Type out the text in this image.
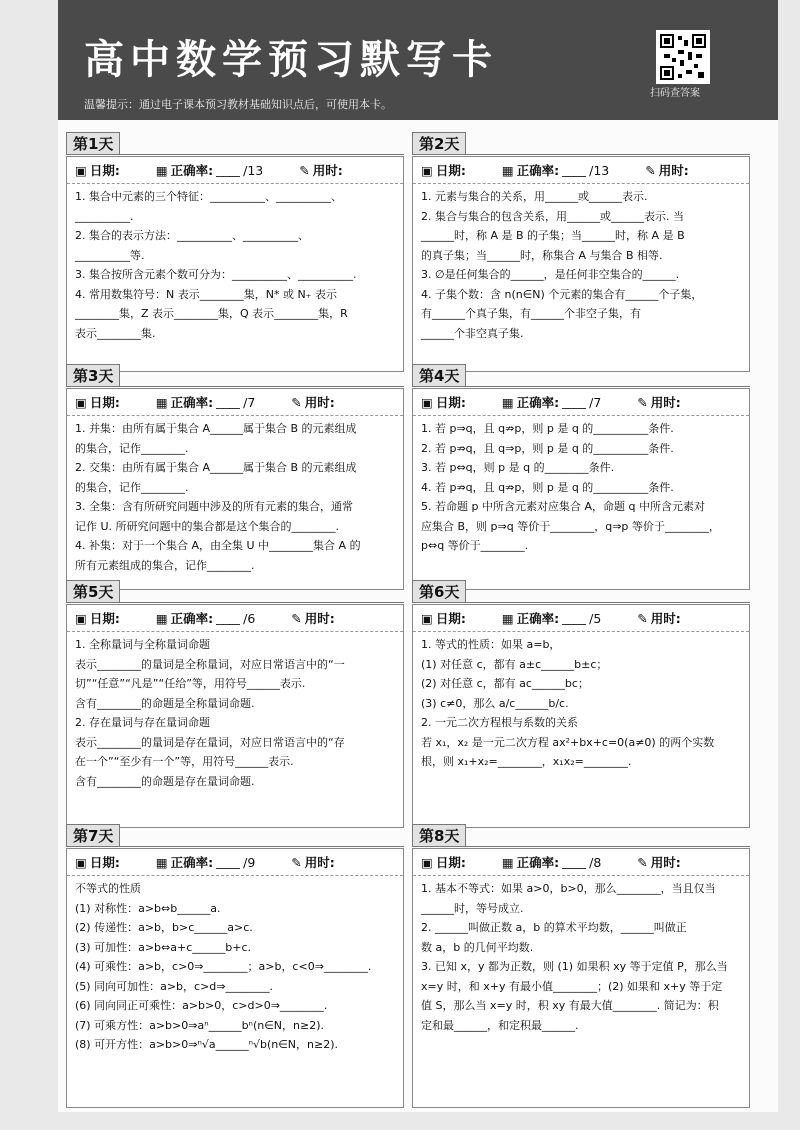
高中数学预习默写卡
温馨提示：通过电子课本预习教材基础知识点后，可使用本卡。
扫码查答案
第1天
▣ 日期:	▦ 正确率: /13	✎ 用时:
1. 集合中元素的三个特征：__________、__________、
__________.
2. 集合的表示方法：__________、__________、
__________等.
3. 集合按所含元素个数可分为：__________、__________.
4. 常用数集符号：N 表示________集，N* 或 N₊ 表示
________集，Z 表示________集，Q 表示________集，R
表示________集.
第2天
▣ 日期:	▦ 正确率: /13	✎ 用时:
1. 元素与集合的关系，用______或______表示.
2. 集合与集合的包含关系，用______或______表示. 当
______时，称 A 是 B 的子集；当______时，称 A 是 B
的真子集；当______时，称集合 A 与集合 B 相等.
3. ∅是任何集合的______，是任何非空集合的______.
4. 子集个数：含 n(n∈N) 个元素的集合有______个子集，
有______个真子集，有______个非空子集，有
______个非空真子集.
第3天
▣ 日期:	▦ 正确率: /7	✎ 用时:
1. 并集：由所有属于集合 A______属于集合 B 的元素组成
的集合，记作________.
2. 交集：由所有属于集合 A______属于集合 B 的元素组成
的集合，记作________.
3. 全集：含有所研究问题中涉及的所有元素的集合，通常
记作 U. 所研究问题中的集合都是这个集合的________.
4. 补集：对于一个集合 A，由全集 U 中________集合 A 的
所有元素组成的集合，记作________.
第4天
▣ 日期:	▦ 正确率: /7	✎ 用时:
1. 若 p⇒q，且 q⇏p，则 p 是 q 的__________条件.
2. 若 p⇏q，且 q⇒p，则 p 是 q 的__________条件.
3. 若 p⇔q，则 p 是 q 的________条件.
4. 若 p⇏q，且 q⇏p，则 p 是 q 的__________条件.
5. 若命题 p 中所含元素对应集合 A，命题 q 中所含元素对
应集合 B，则 p⇒q 等价于________，q⇒p 等价于________，
p⇔q 等价于________.
第5天
▣ 日期:	▦ 正确率: /6	✎ 用时:
1. 全称量词与全称量词命题
表示________的量词是全称量词，对应日常语言中的“一
切”“任意”“凡是”“任给”等，用符号______表示.
含有________的命题是全称量词命题.
2. 存在量词与存在量词命题
表示________的量词是存在量词，对应日常语言中的“存
在一个”“至少有一个”等，用符号______表示.
含有________的命题是存在量词命题.
第6天
▣ 日期:	▦ 正确率: /5	✎ 用时:
1. 等式的性质：如果 a=b，
(1) 对任意 c，都有 a±c______b±c；
(2) 对任意 c，都有 ac______bc；
(3) c≠0，那么 a/c______b/c.
2. 一元二次方程根与系数的关系
若 x₁，x₂ 是一元二次方程 ax²+bx+c=0(a≠0) 的两个实数
根，则 x₁+x₂=________，x₁x₂=________.
第7天
▣ 日期:	▦ 正确率: /9	✎ 用时:
不等式的性质
(1) 对称性：a>b⇔b______a.
(2) 传递性：a>b，b>c______a>c.
(3) 可加性：a>b⇔a+c______b+c.
(4) 可乘性：a>b，c>0⇒________；a>b，c<0⇒________.
(5) 同向可加性：a>b，c>d⇒________.
(6) 同向同正可乘性：a>b>0，c>d>0⇒________.
(7) 可乘方性：a>b>0⇒aⁿ______bⁿ(n∈N，n≥2).
(8) 可开方性：a>b>0⇒ⁿ√a______ⁿ√b(n∈N，n≥2).
第8天
▣ 日期:	▦ 正确率: /8	✎ 用时:
1. 基本不等式：如果 a>0，b>0，那么________，当且仅当
______时，等号成立.
2. ______叫做正数 a，b 的算术平均数，______叫做正
数 a，b 的几何平均数.
3. 已知 x，y 都为正数，则 (1) 如果积 xy 等于定值 P，那么当
x=y 时，和 x+y 有最小值________；(2) 如果和 x+y 等于定
值 S，那么当 x=y 时，积 xy 有最大值________. 简记为：积
定和最______，和定积最______.
